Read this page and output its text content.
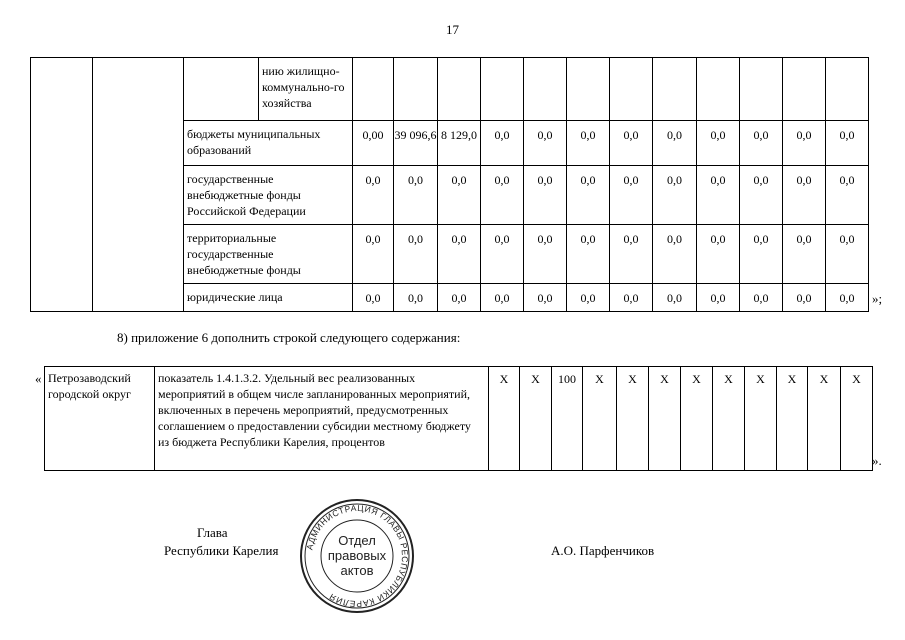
17
			нию жилищно-коммунально-го хозяйства												
		бюджеты муниципальных образований		0,00	39 096,6	8 129,0	0,0	0,0	0,0	0,0	0,0	0,0	0,0	0,0	0,0
		государственные внебюджетные фонды Российской Федерации		0,0	0,0	0,0	0,0	0,0	0,0	0,0	0,0	0,0	0,0	0,0	0,0
		территориальные государственные внебюджетные фонды		0,0	0,0	0,0	0,0	0,0	0,0	0,0	0,0	0,0	0,0	0,0	0,0
		юридические лица		0,0	0,0	0,0	0,0	0,0	0,0	0,0	0,0	0,0	0,0	0,0	0,0 »;
8) приложение 6 дополнить строкой следующего содержания:
« Петрозаводский городской округ	показатель 1.4.1.3.2. Удельный вес реализованных мероприятий в общем числе запланированных мероприятий, включенных в перечень мероприятий, предусмотренных соглашением о предоставлении субсидии местному бюджету из бюджета Республики Карелия, процентов	Х	Х	100	Х	Х	Х	Х	Х	Х	Х	Х	Х
».
Глава
Республики Карелия	А.О. Парфенчиков
АДМИНИСТРАЦИЯ ГЛАВЫ РЕСПУБЛИКИ КАРЕЛИЯ
Отдел
правовых
актов
